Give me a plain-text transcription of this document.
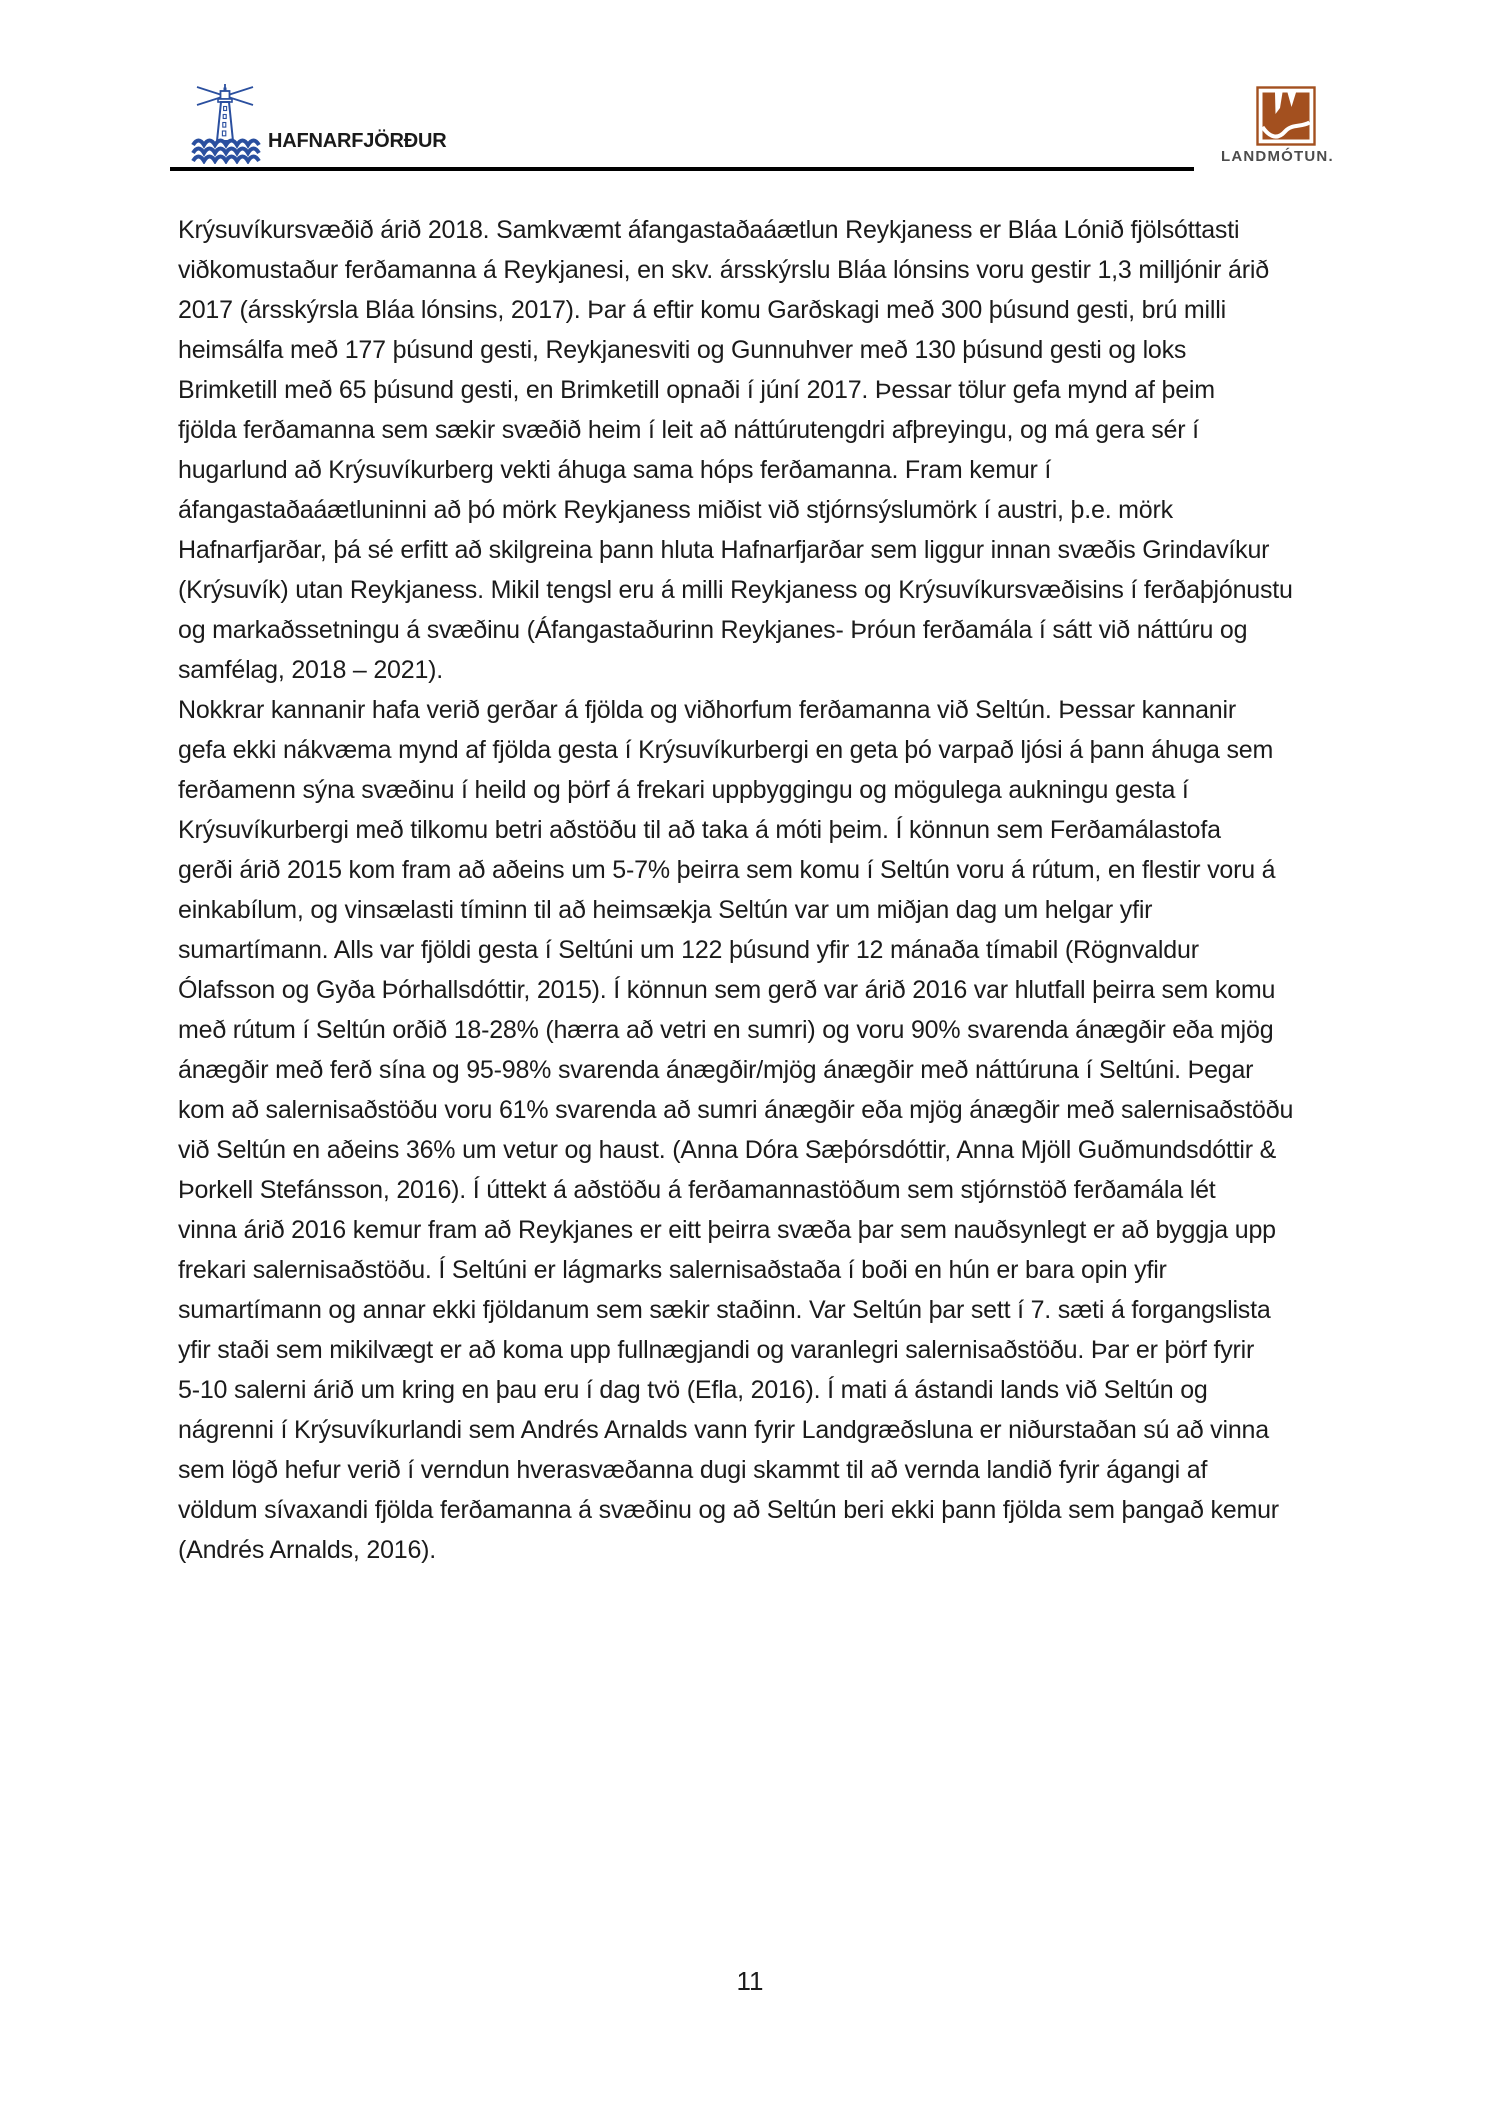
HAFNARFJÖRÐUR
LANDMÓTUN.
Krýsuvíkursvæðið árið 2018. Samkvæmt áfangastaðaáætlun Reykjaness er Bláa Lónið fjölsóttasti
viðkomustaður ferðamanna á Reykjanesi, en skv. ársskýrslu Bláa lónsins voru gestir 1,3 milljónir árið
2017 (ársskýrsla Bláa lónsins, 2017). Þar á eftir komu Garðskagi með 300 þúsund gesti, brú milli
heimsálfa með 177 þúsund gesti, Reykjanesviti og Gunnuhver með 130 þúsund gesti og loks
Brimketill með 65 þúsund gesti, en Brimketill opnaði í júní 2017. Þessar tölur gefa mynd af þeim
fjölda ferðamanna sem sækir svæðið heim í leit að náttúrutengdri afþreyingu, og má gera sér í
hugarlund að Krýsuvíkurberg vekti áhuga sama hóps ferðamanna. Fram kemur í
áfangastaðaáætluninni að þó mörk Reykjaness miðist við stjórnsýslumörk í austri, þ.e. mörk
Hafnarfjarðar, þá sé erfitt að skilgreina þann hluta Hafnarfjarðar sem liggur innan svæðis Grindavíkur
(Krýsuvík) utan Reykjaness. Mikil tengsl eru á milli Reykjaness og Krýsuvíkursvæðisins í ferðaþjónustu
og markaðssetningu á svæðinu (Áfangastaðurinn Reykjanes- Þróun ferðamála í sátt við náttúru og
samfélag, 2018 – 2021).
Nokkrar kannanir hafa verið gerðar á fjölda og viðhorfum ferðamanna við Seltún. Þessar kannanir
gefa ekki nákvæma mynd af fjölda gesta í Krýsuvíkurbergi en geta þó varpað ljósi á þann áhuga sem
ferðamenn sýna svæðinu í heild og þörf á frekari uppbyggingu og mögulega aukningu gesta í
Krýsuvíkurbergi með tilkomu betri aðstöðu til að taka á móti þeim. Í könnun sem Ferðamálastofa
gerði árið 2015 kom fram að aðeins um 5-7% þeirra sem komu í Seltún voru á rútum, en flestir voru á
einkabílum, og vinsælasti tíminn til að heimsækja Seltún var um miðjan dag um helgar yfir
sumartímann. Alls var fjöldi gesta í Seltúni um 122 þúsund yfir 12 mánaða tímabil (Rögnvaldur
Ólafsson og Gyða Þórhallsdóttir, 2015). Í könnun sem gerð var árið 2016 var hlutfall þeirra sem komu
með rútum í Seltún orðið 18-28% (hærra að vetri en sumri) og voru 90% svarenda ánægðir eða mjög
ánægðir með ferð sína og 95-98% svarenda ánægðir/mjög ánægðir með náttúruna í Seltúni. Þegar
kom að salernisaðstöðu voru 61% svarenda að sumri ánægðir eða mjög ánægðir með salernisaðstöðu
við Seltún en aðeins 36% um vetur og haust. (Anna Dóra Sæþórsdóttir, Anna Mjöll Guðmundsdóttir &
Þorkell Stefánsson, 2016). Í úttekt á aðstöðu á ferðamannastöðum sem stjórnstöð ferðamála lét
vinna árið 2016 kemur fram að Reykjanes er eitt þeirra svæða þar sem nauðsynlegt er að byggja upp
frekari salernisaðstöðu. Í Seltúni er lágmarks salernisaðstaða í boði en hún er bara opin yfir
sumartímann og annar ekki fjöldanum sem sækir staðinn. Var Seltún þar sett í 7. sæti á forgangslista
yfir staði sem mikilvægt er að koma upp fullnægjandi og varanlegri salernisaðstöðu. Þar er þörf fyrir
5-10 salerni árið um kring en þau eru í dag tvö (Efla, 2016). Í mati á ástandi lands við Seltún og
nágrenni í Krýsuvíkurlandi sem Andrés Arnalds vann fyrir Landgræðsluna er niðurstaðan sú að vinna
sem lögð hefur verið í verndun hverasvæðanna dugi skammt til að vernda landið fyrir ágangi af
völdum sívaxandi fjölda ferðamanna á svæðinu og að Seltún beri ekki þann fjölda sem þangað kemur
(Andrés Arnalds, 2016).
11
